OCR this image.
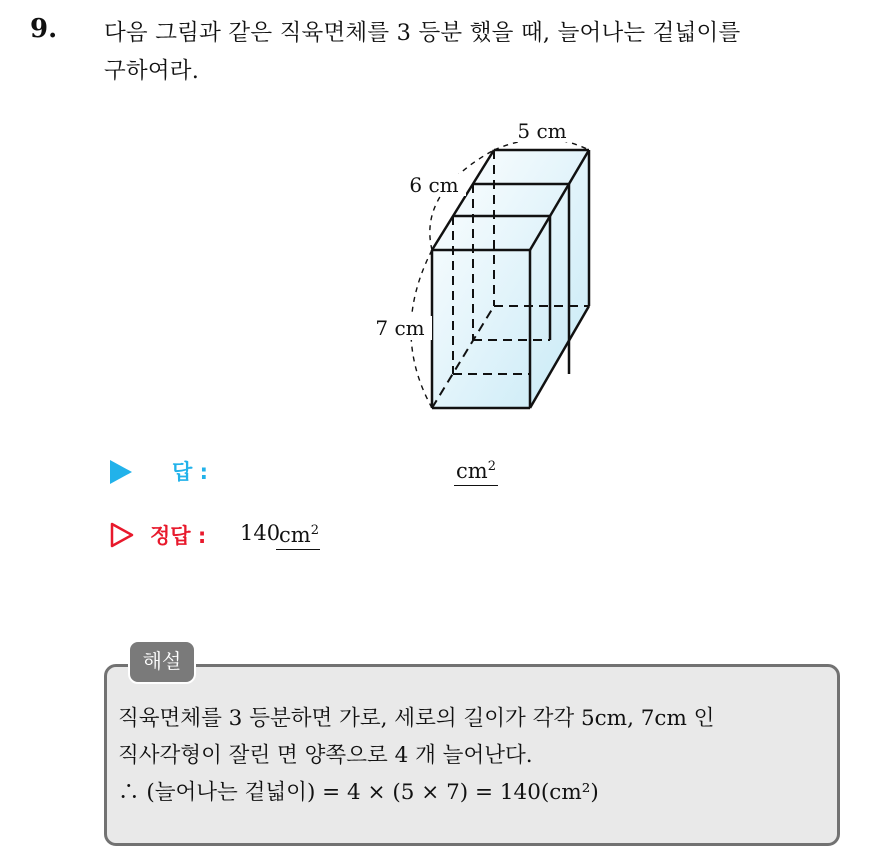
9. 다음 그림과 같은 직육면체를 3 등분 했을 때, 늘어나는 겉넓이를
구하여라.
5 cm
6 cm
7 cm
답 :	$cm^2$
정답 : 140
$cm^2$
해설
직육면체를 3 등분하면 가로, 세로의 길이가 각각 5cm, 7cm 인
직사각형이 잘린 면 양쪽으로 4 개 늘어난다.
∴ (늘어나는 겉넓이) = 4 × (5 × 7) = 140(cm²)
